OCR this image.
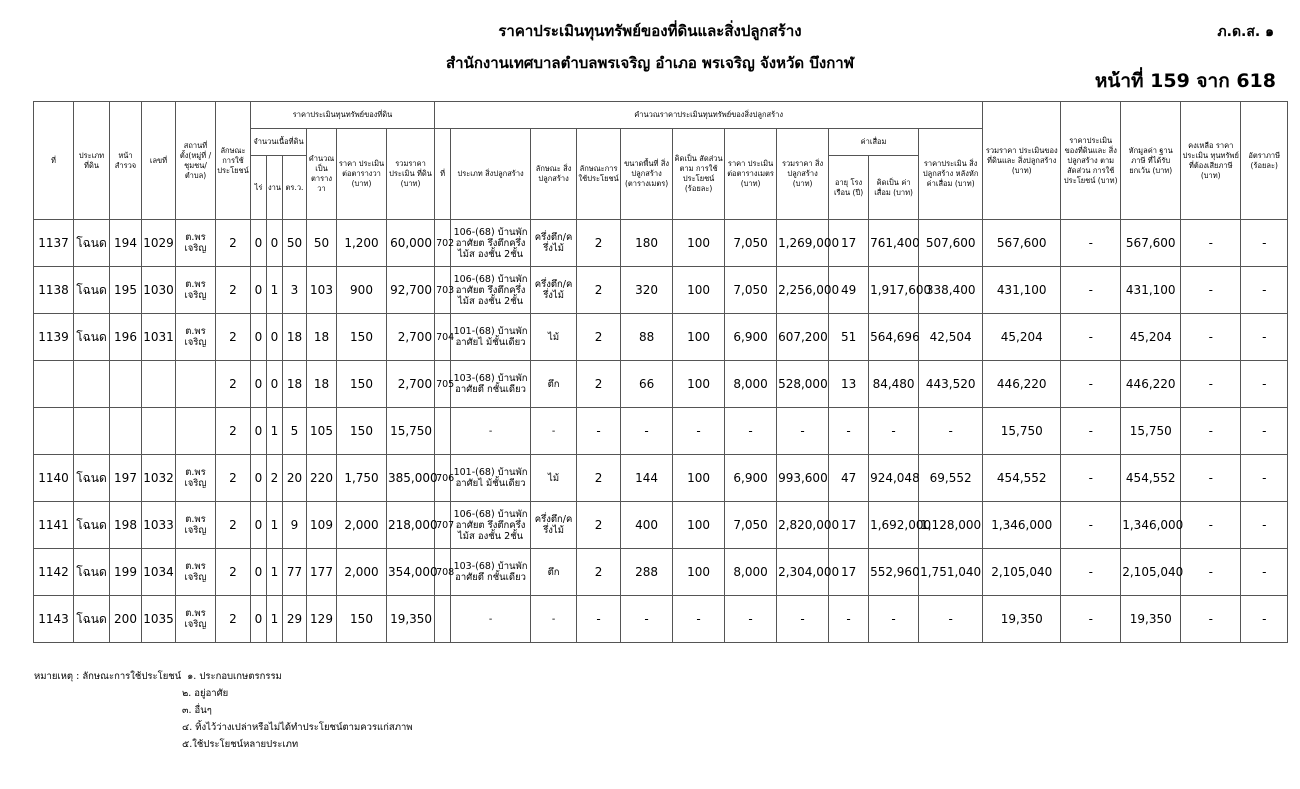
ราคาประเมินทุนทรัพย์ของที่ดินและสิ่งปลูกสร้าง
สำนักงานเทศบาลตำบลพรเจริญ อำเภอ พรเจริญ จังหวัด บึงกาฬ
ภ.ด.ส. ๑
หน้าที่ 159 จาก 618
ที่	ประเภท ที่ดิน	หน้า สำรวจ	เลขที่	สถานที่ ตั้ง(หมู่ที่ /ชุมชน/ ตำบล)	ลักษณะ การใช้ ประโยชน์	ราคาประเมินทุนทรัพย์ของที่ดิน						คำนวณราคาประเมินทุนทรัพย์ของสิ่งปลูกสร้าง											รวมราคา ประเมินของ ที่ดินและ สิ่งปลูกสร้าง (บาท)	ราคาประเมิน ของที่ดินและ สิ่งปลูกสร้าง ตามสัดส่วน การใช้ประโยชน์ (บาท)	หักมูลค่า ฐานภาษี ที่ได้รับ ยกเว้น (บาท)	คงเหลือ ราคาประเมิน ทุนทรัพย์ ที่ต้องเสียภาษี (บาท)	อัตราภาษี (ร้อยละ)
						จำนวนเนื้อที่ดิน			คำนวณ เป็น ตารางวา	ราคา ประเมิน ต่อตารางวา (บาท)	รวมราคา ประเมิน ที่ดิน (บาท)	ที่	ประเภท สิ่งปลูกสร้าง	ลักษณะ สิ่งปลูกสร้าง	ลักษณะการ ใช้ประโยชน์	ขนาดพื้นที่ สิ่งปลูกสร้าง (ตารางเมตร)	คิดเป็น สัดส่วนตาม การใช้ ประโยชน์ (ร้อยละ)	ราคา ประเมิน ต่อตารางเมตร (บาท)	รวมราคา สิ่งปลูกสร้าง (บาท)	ค่าเสื่อม		ราคาประเมิน สิ่งปลูกสร้าง หลังหัก ค่าเสื่อม (บาท)					
						ไร่	งาน	ตร.ว.												อายุ โรงเรือน (ปี)	คิดเป็น ค่าเสื่อม (บาท)						
1137	โฉนด	194	1029	ต.พร เจริญ	2	0	0	50	50	1,200	60,000	702	106-(68) บ้านพักอาศัยต รึงตึกครึ่งไม้ส องชั้น 2ชั้น	ครึ่งตึก/ค รึ่งไม้	2	180	100	7,050	1,269,000	17	761,400	507,600	567,600	-	567,600	-	-
1138	โฉนด	195	1030	ต.พร เจริญ	2	0	1	3	103	900	92,700	703	106-(68) บ้านพักอาศัยต รึงตึกครึ่งไม้ส องชั้น 2ชั้น	ครึ่งตึก/ค รึ่งไม้	2	320	100	7,050	2,256,000	49	1,917,600	338,400	431,100	-	431,100	-	-
1139	โฉนด	196	1031	ต.พร เจริญ	2	0	0	18	18	150	2,700	704	101-(68) บ้านพักอาศัยไ ม้ชั้นเดียว	ไม้	2	88	100	6,900	607,200	51	564,696	42,504	45,204	-	45,204	-	-
					2	0	0	18	18	150	2,700	705	103-(68) บ้านพักอาศัยตึ กชั้นเดียว	ตึก	2	66	100	8,000	528,000	13	84,480	443,520	446,220	-	446,220	-	-
					2	0	1	5	105	150	15,750		-	-	-	-	-	-	-	-	-	-	15,750	-	15,750	-	-
1140	โฉนด	197	1032	ต.พร เจริญ	2	0	2	20	220	1,750	385,000	706	101-(68) บ้านพักอาศัยไ ม้ชั้นเดียว	ไม้	2	144	100	6,900	993,600	47	924,048	69,552	454,552	-	454,552	-	-
1141	โฉนด	198	1033	ต.พร เจริญ	2	0	1	9	109	2,000	218,000	707	106-(68) บ้านพักอาศัยต รึงตึกครึ่งไม้ส องชั้น 2ชั้น	ครึ่งตึก/ค รึ่งไม้	2	400	100	7,050	2,820,000	17	1,692,000	1,128,000	1,346,000	-	1,346,000	-	-
1142	โฉนด	199	1034	ต.พร เจริญ	2	0	1	77	177	2,000	354,000	708	103-(68) บ้านพักอาศัยตึ กชั้นเดียว	ตึก	2	288	100	8,000	2,304,000	17	552,960	1,751,040	2,105,040	-	2,105,040	-	-
1143	โฉนด	200	1035	ต.พร เจริญ	2	0	1	29	129	150	19,350		-	-	-	-	-	-	-	-	-	-	19,350	-	19,350	-	-
หมายเหตุ : ลักษณะการใช้ประโยชน์ ๑. ประกอบเกษตรกรรม
๒. อยู่อาศัย
๓. อื่นๆ
๔. ทิ้งไว้ว่างเปล่าหรือไม่ได้ทำประโยชน์ตามควรแก่สภาพ
๕.ใช้ประโยชน์หลายประเภท
